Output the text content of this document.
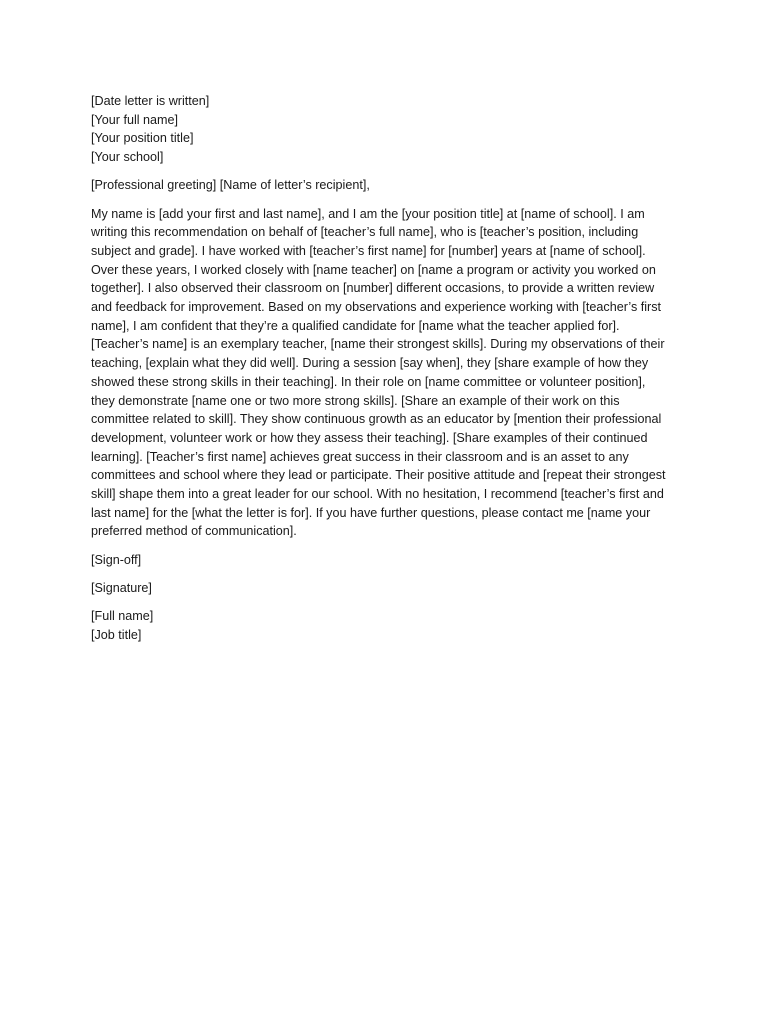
[Date letter is written]
[Your full name]
[Your position title]
[Your school]
[Professional greeting] [Name of letter’s recipient],
My name is [add your first and last name], and I am the [your position title] at [name of school]. I am
writing this recommendation on behalf of [teacher’s full name], who is [teacher’s position, including
subject and grade]. I have worked with [teacher’s first name] for [number] years at [name of school].
Over these years, I worked closely with [name teacher] on [name a program or activity you worked on
together]. I also observed their classroom on [number] different occasions, to provide a written review
and feedback for improvement. Based on my observations and experience working with [teacher’s first
name], I am confident that they’re a qualified candidate for [name what the teacher applied for].
[Teacher’s name] is an exemplary teacher, [name their strongest skills]. During my observations of their
teaching, [explain what they did well]. During a session [say when], they [share example of how they
showed these strong skills in their teaching]. In their role on [name committee or volunteer position],
they demonstrate [name one or two more strong skills]. [Share an example of their work on this
committee related to skill]. They show continuous growth as an educator by [mention their professional
development, volunteer work or how they assess their teaching]. [Share examples of their continued
learning]. [Teacher’s first name] achieves great success in their classroom and is an asset to any
committees and school where they lead or participate. Their positive attitude and [repeat their strongest
skill] shape them into a great leader for our school. With no hesitation, I recommend [teacher’s first and
last name] for the [what the letter is for]. If you have further questions, please contact me [name your
preferred method of communication].
[Sign-off]
[Signature]
[Full name]
[Job title]
